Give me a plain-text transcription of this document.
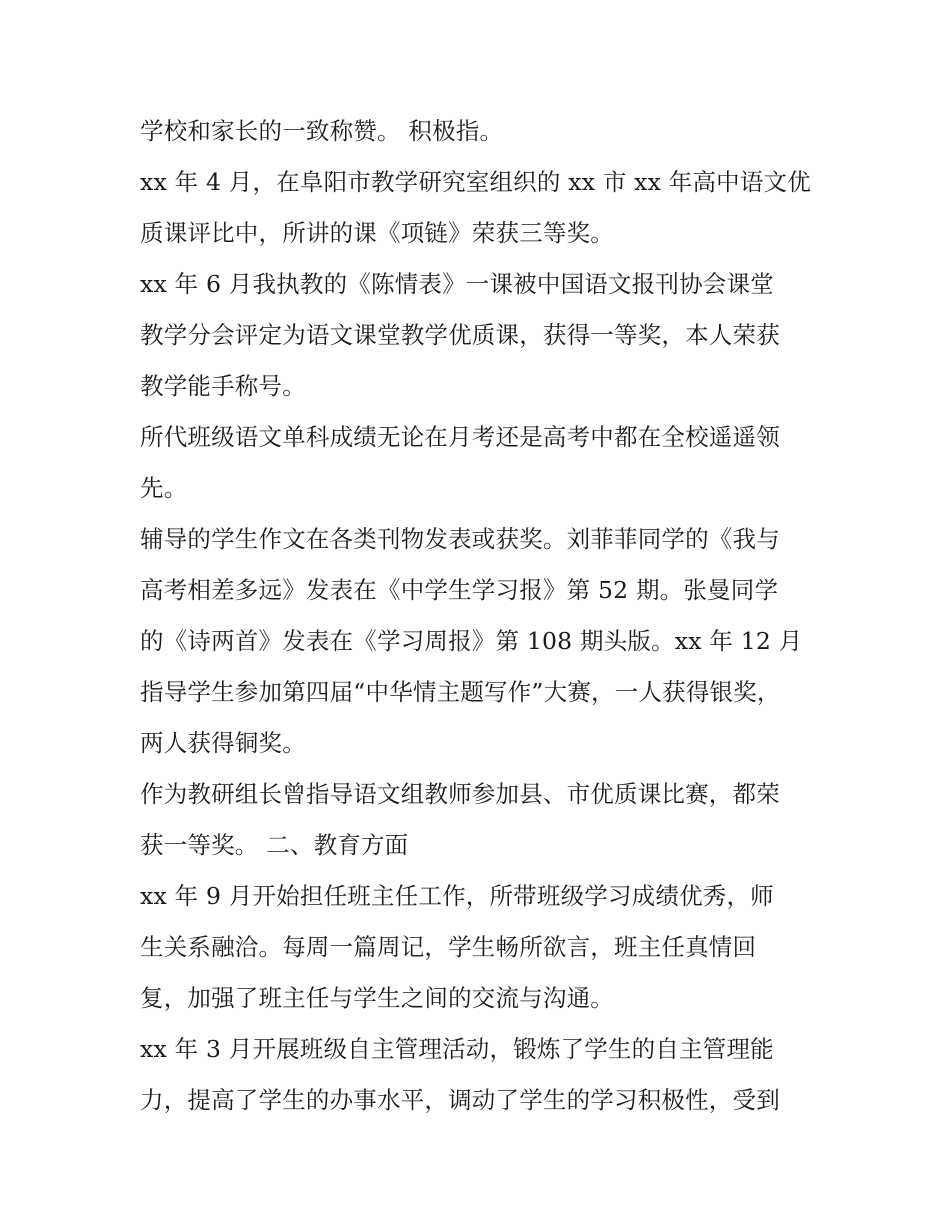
学校和家长的一致称赞。 积极指。
xx 年 4 月，在阜阳市教学研究室组织的 xx 市 xx 年高中语文优
质课评比中，所讲的课《项链》荣获三等奖。
xx 年 6 月我执教的《陈情表》一课被中国语文报刊协会课堂
教学分会评定为语文课堂教学优质课，获得一等奖，本人荣获
教学能手称号。
所代班级语文单科成绩无论在月考还是高考中都在全校遥遥领
先。
辅导的学生作文在各类刊物发表或获奖。刘菲菲同学的《我与
高考相差多远》发表在《中学生学习报》第 52 期。张曼同学
的《诗两首》发表在《学习周报》第 108 期头版。xx 年 12 月
指导学生参加第四届“中华情主题写作”大赛，一人获得银奖，
两人获得铜奖。
作为教研组长曾指导语文组教师参加县、市优质课比赛，都荣
获一等奖。 二、教育方面
xx 年 9 月开始担任班主任工作，所带班级学习成绩优秀，师
生关系融洽。每周一篇周记，学生畅所欲言，班主任真情回
复，加强了班主任与学生之间的交流与沟通。
xx 年 3 月开展班级自主管理活动，锻炼了学生的自主管理能
力，提高了学生的办事水平，调动了学生的学习积极性，受到
